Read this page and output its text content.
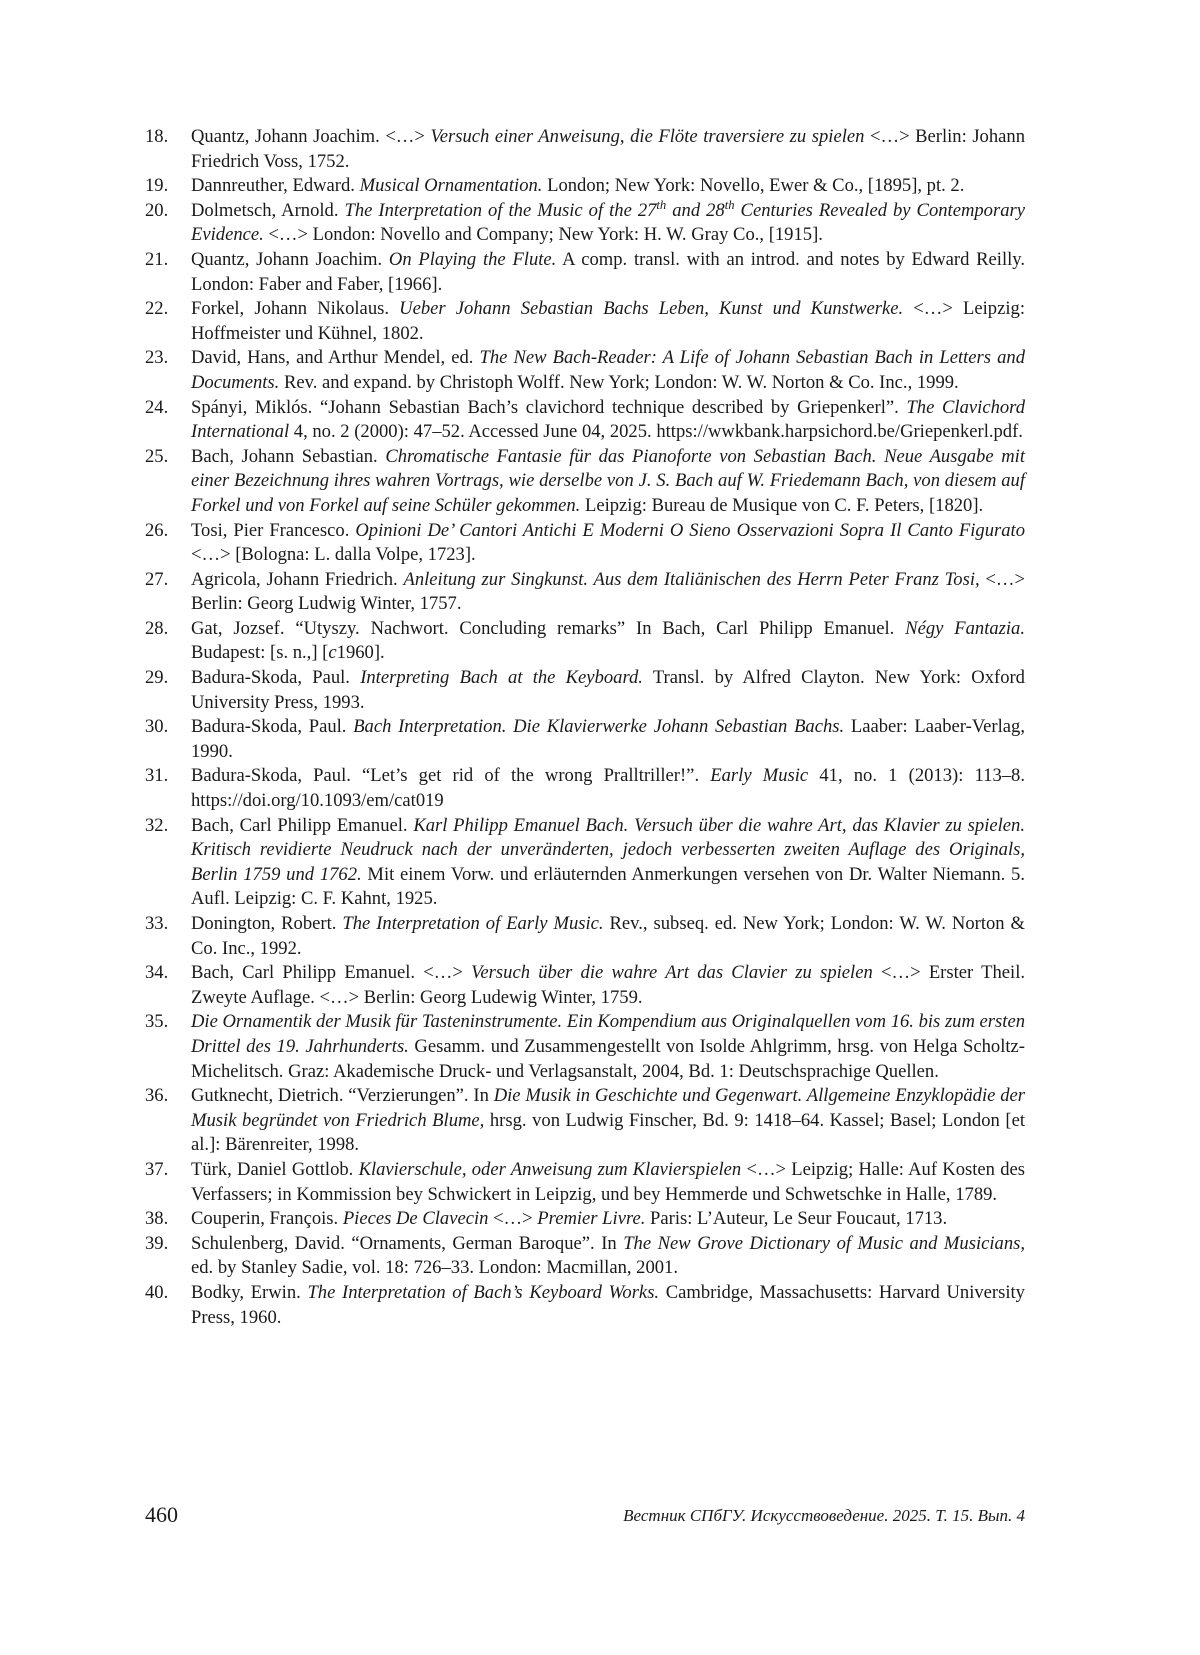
18. Quantz, Johann Joachim. <…> Versuch einer Anweisung, die Flöte traversiere zu spielen <…> Berlin: Johann Friedrich Voss, 1752.
19. Dannreuther, Edward. Musical Ornamentation. London; New York: Novello, Ewer & Co., [1895], pt. 2.
20. Dolmetsch, Arnold. The Interpretation of the Music of the 27th and 28th Centuries Revealed by Contemporary Evidence. <…> London: Novello and Company; New York: H. W. Gray Co., [1915].
21. Quantz, Johann Joachim. On Playing the Flute. A comp. transl. with an introd. and notes by Edward Reilly. London: Faber and Faber, [1966].
22. Forkel, Johann Nikolaus. Ueber Johann Sebastian Bachs Leben, Kunst und Kunstwerke. <…> Leipzig: Hoffmeister und Kühnel, 1802.
23. David, Hans, and Arthur Mendel, ed. The New Bach-Reader: A Life of Johann Sebastian Bach in Letters and Documents. Rev. and expand. by Christoph Wolff. New York; London: W. W. Norton & Co. Inc., 1999.
24. Spányi, Miklós. “Johann Sebastian Bach’s clavichord technique described by Griepenkerl”. The Clavichord International 4, no. 2 (2000): 47–52. Accessed June 04, 2025. https://wwkbank.harpsichord.be/Griepenkerl.pdf.
25. Bach, Johann Sebastian. Chromatische Fantasie für das Pianoforte von Sebastian Bach. Neue Ausgabe mit einer Bezeichnung ihres wahren Vortrags, wie derselbe von J. S. Bach auf W. Friedemann Bach, von diesem auf Forkel und von Forkel auf seine Schüler gekommen. Leipzig: Bureau de Musique von C. F. Peters, [1820].
26. Tosi, Pier Francesco. Opinioni De’ Cantori Antichi E Moderni O Sieno Osservazioni Sopra Il Canto Figurato <…> [Bologna: L. dalla Volpe, 1723].
27. Agricola, Johann Friedrich. Anleitung zur Singkunst. Aus dem Italiänischen des Herrn Peter Franz Tosi, <…> Berlin: Georg Ludwig Winter, 1757.
28. Gat, Jozsef. “Utyszy. Nachwort. Concluding remarks” In Bach, Carl Philipp Emanuel. Négy Fantazia. Budapest: [s. n.,] [c1960].
29. Badura-Skoda, Paul. Interpreting Bach at the Keyboard. Transl. by Alfred Clayton. New York: Oxford University Press, 1993.
30. Badura-Skoda, Paul. Bach Interpretation. Die Klavierwerke Johann Sebastian Bachs. Laaber: Laaber-Verlag, 1990.
31. Badura-Skoda, Paul. “Let’s get rid of the wrong Pralltriller!”. Early Music 41, no. 1 (2013): 113–8. https://doi.org/10.1093/em/cat019
32. Bach, Carl Philipp Emanuel. Karl Philipp Emanuel Bach. Versuch über die wahre Art, das Klavier zu spielen. Kritisch revidierte Neudruck nach der unveränderten, jedoch verbesserten zweiten Auflage des Originals, Berlin 1759 und 1762. Mit einem Vorw. und erläuternden Anmerkungen versehen von Dr. Walter Niemann. 5. Aufl. Leipzig: C. F. Kahnt, 1925.
33. Donington, Robert. The Interpretation of Early Music. Rev., subseq. ed. New York; London: W. W. Norton & Co. Inc., 1992.
34. Bach, Carl Philipp Emanuel. <…> Versuch über die wahre Art das Clavier zu spielen <…> Erster Theil. Zweyte Auflage. <…> Berlin: Georg Ludewig Winter, 1759.
35. Die Ornamentik der Musik für Tasteninstrumente. Ein Kompendium aus Originalquellen vom 16. bis zum ersten Drittel des 19. Jahrhunderts. Gesamm. und Zusammengestellt von Isolde Ahlgrimm, hrsg. von Helga Scholtz-Michelitsch. Graz: Akademische Druck- und Verlagsanstalt, 2004, Bd. 1: Deutschsprachige Quellen.
36. Gutknecht, Dietrich. “Verzierungen”. In Die Musik in Geschichte und Gegenwart. Allgemeine Enzyklopädie der Musik begründet von Friedrich Blume, hrsg. von Ludwig Finscher, Bd. 9: 1418–64. Kassel; Basel; London [et al.]: Bärenreiter, 1998.
37. Türk, Daniel Gottlob. Klavierschule, oder Anweisung zum Klavierspielen <…> Leipzig; Halle: Auf Kosten des Verfassers; in Kommission bey Schwickert in Leipzig, und bey Hemmerde und Schwetschke in Halle, 1789.
38. Couperin, François. Pieces De Clavecin <…> Premier Livre. Paris: L’Auteur, Le Seur Foucaut, 1713.
39. Schulenberg, David. “Ornaments, German Baroque”. In The New Grove Dictionary of Music and Musicians, ed. by Stanley Sadie, vol. 18: 726–33. London: Macmillan, 2001.
40. Bodky, Erwin. The Interpretation of Bach’s Keyboard Works. Cambridge, Massachusetts: Harvard University Press, 1960.
460	Вестник СПбГУ. Искусствоведение. 2025. Т. 15. Вып. 4
